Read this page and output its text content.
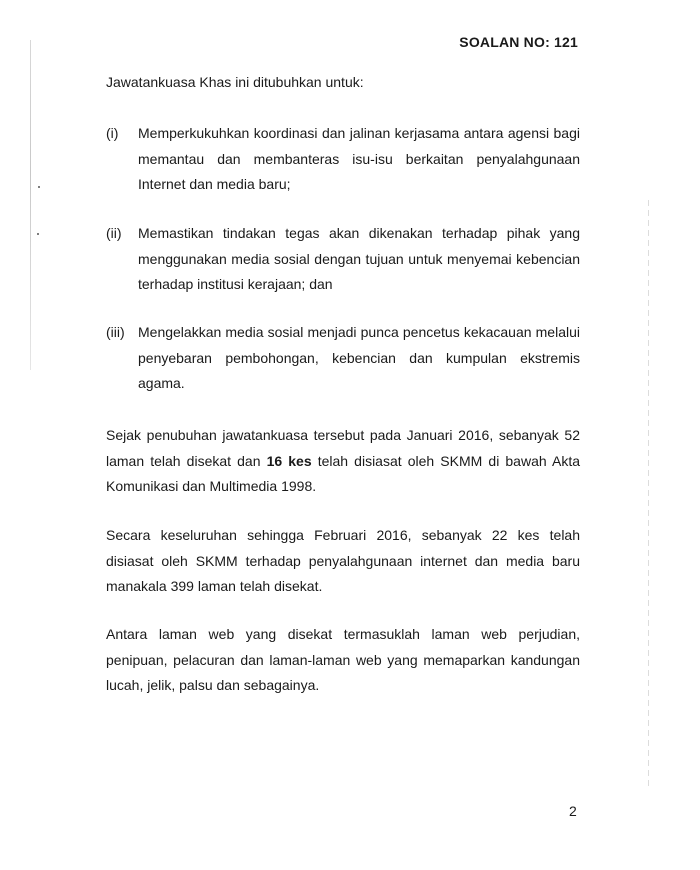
SOALAN NO: 121
Jawatankuasa Khas ini ditubuhkan untuk:
(i) Memperkukuhkan koordinasi dan jalinan kerjasama antara agensi bagi memantau dan membanteras isu-isu berkaitan penyalahgunaan Internet dan media baru;
(ii) Memastikan tindakan tegas akan dikenakan terhadap pihak yang menggunakan media sosial dengan tujuan untuk menyemai kebencian terhadap institusi kerajaan; dan
(iii) Mengelakkan media sosial menjadi punca pencetus kekacauan melalui penyebaran pembohongan, kebencian dan kumpulan ekstremis agama.
Sejak penubuhan jawatankuasa tersebut pada Januari 2016, sebanyak 52 laman telah disekat dan 16 kes telah disiasat oleh SKMM di bawah Akta Komunikasi dan Multimedia 1998.
Secara keseluruhan sehingga Februari 2016, sebanyak 22 kes telah disiasat oleh SKMM terhadap penyalahgunaan internet dan media baru manakala 399 laman telah disekat.
Antara laman web yang disekat termasuklah laman web perjudian, penipuan, pelacuran dan laman-laman web yang memaparkan kandungan lucah, jelik, palsu dan sebagainya.
2
